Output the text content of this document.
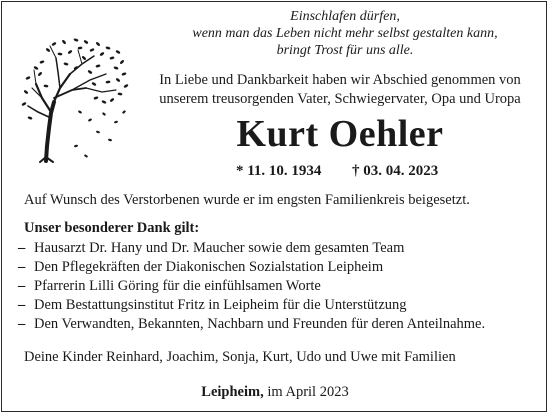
Einschlafen dürfen,
wenn man das Leben nicht mehr selbst gestalten kann,
bringt Trost für uns alle.
In Liebe und Dankbarkeit haben wir Abschied genommen von
unserem treusorgenden Vater, Schwiegervater, Opa und Uropa
Kurt Oehler
* 11. 10. 1934 † 03. 04. 2023
Auf Wunsch des Verstorbenen wurde er im engsten Familienkreis beigesetzt.
Unser besonderer Dank gilt:
– Hausarzt Dr. Hany und Dr. Maucher sowie dem gesamten Team
– Den Pflegekräften der Diakonischen Sozialstation Leipheim
– Pfarrerin Lilli Göring für die einfühlsamen Worte
– Dem Bestattungsinstitut Fritz in Leipheim für die Unterstützung
– Den Verwandten, Bekannten, Nachbarn und Freunden für deren Anteilnahme.
Deine Kinder Reinhard, Joachim, Sonja, Kurt, Udo und Uwe mit Familien
Leipheim, im April 2023
